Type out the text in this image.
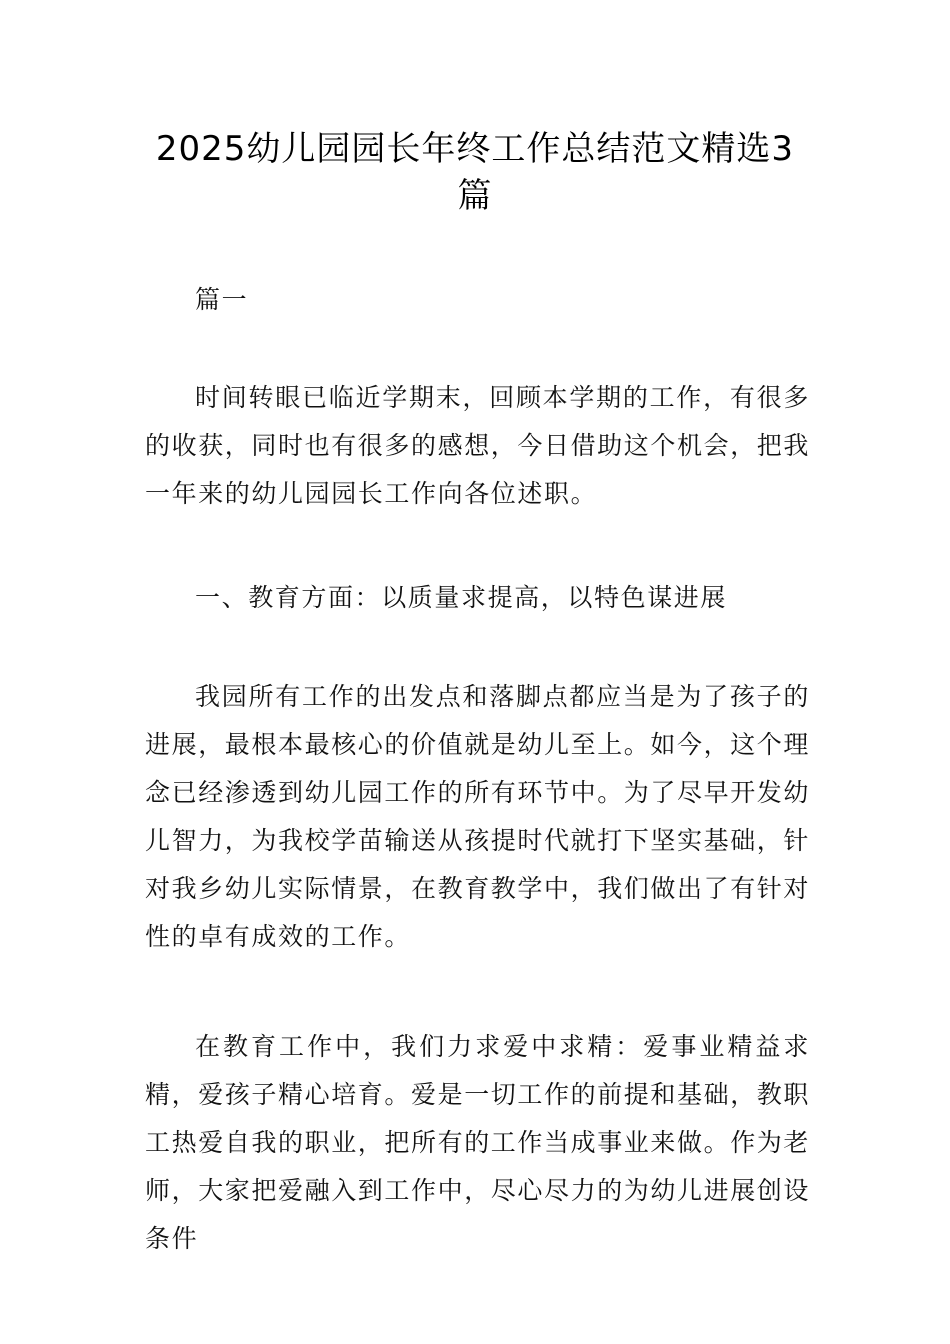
2025幼儿园园长年终工作总结范文精选3篇

篇一

时间转眼已临近学期末，回顾本学期的工作，有很多的收获，同时也有很多的感想，今日借助这个机会，把我一年来的幼儿园园长工作向各位述职。

一、教育方面：以质量求提高，以特色谋进展

我园所有工作的出发点和落脚点都应当是为了孩子的进展，最根本最核心的价值就是幼儿至上。如今，这个理念已经渗透到幼儿园工作的所有环节中。为了尽早开发幼儿智力，为我校学苗输送从孩提时代就打下坚实基础，针对我乡幼儿实际情景，在教育教学中，我们做出了有针对性的卓有成效的工作。

在教育工作中，我们力求爱中求精：爱事业精益求精，爱孩子精心培育。爱是一切工作的前提和基础，教职工热爱自我的职业，把所有的工作当成事业来做。作为老师，大家把爱融入到工作中，尽心尽力的为幼儿进展创设条件
